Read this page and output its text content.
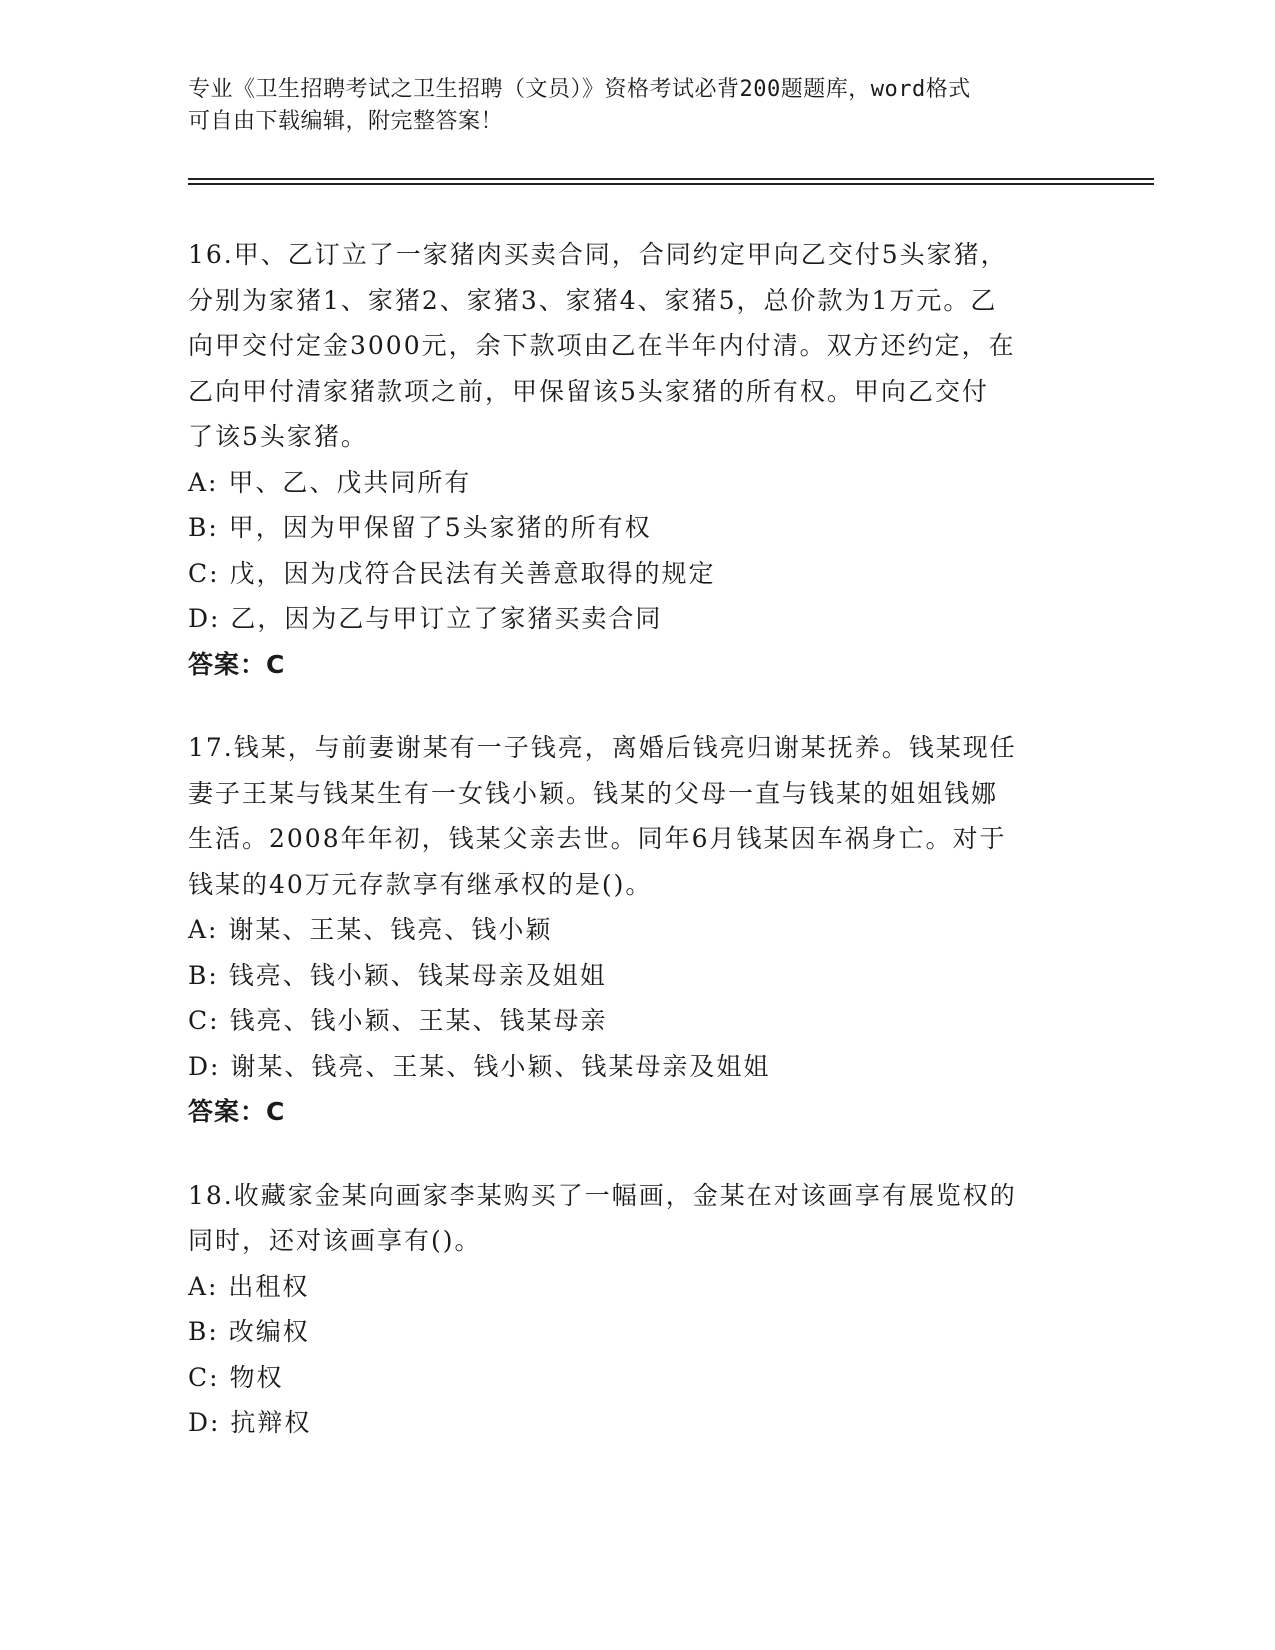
专业《卫生招聘考试之卫生招聘（文员）》资格考试必背200题题库，word格式
可自由下载编辑，附完整答案！
16.甲、乙订立了一家猪肉买卖合同，合同约定甲向乙交付5头家猪，
分别为家猪1、家猪2、家猪3、家猪4、家猪5，总价款为1万元。乙
向甲交付定金3000元，余下款项由乙在半年内付清。双方还约定，在
乙向甲付清家猪款项之前，甲保留该5头家猪的所有权。甲向乙交付
了该5头家猪。
A: 甲、乙、戊共同所有
B: 甲，因为甲保留了5头家猪的所有权
C: 戊，因为戊符合民法有关善意取得的规定
D: 乙，因为乙与甲订立了家猪买卖合同
答案：C
17.钱某，与前妻谢某有一子钱亮，离婚后钱亮归谢某抚养。钱某现任
妻子王某与钱某生有一女钱小颖。钱某的父母一直与钱某的姐姐钱娜
生活。2008年年初，钱某父亲去世。同年6月钱某因车祸身亡。对于
钱某的40万元存款享有继承权的是()。
A: 谢某、王某、钱亮、钱小颖
B: 钱亮、钱小颖、钱某母亲及姐姐
C: 钱亮、钱小颖、王某、钱某母亲
D: 谢某、钱亮、王某、钱小颖、钱某母亲及姐姐
答案：C
18.收藏家金某向画家李某购买了一幅画，金某在对该画享有展览权的
同时，还对该画享有()。
A: 出租权
B: 改编权
C: 物权
D: 抗辩权
